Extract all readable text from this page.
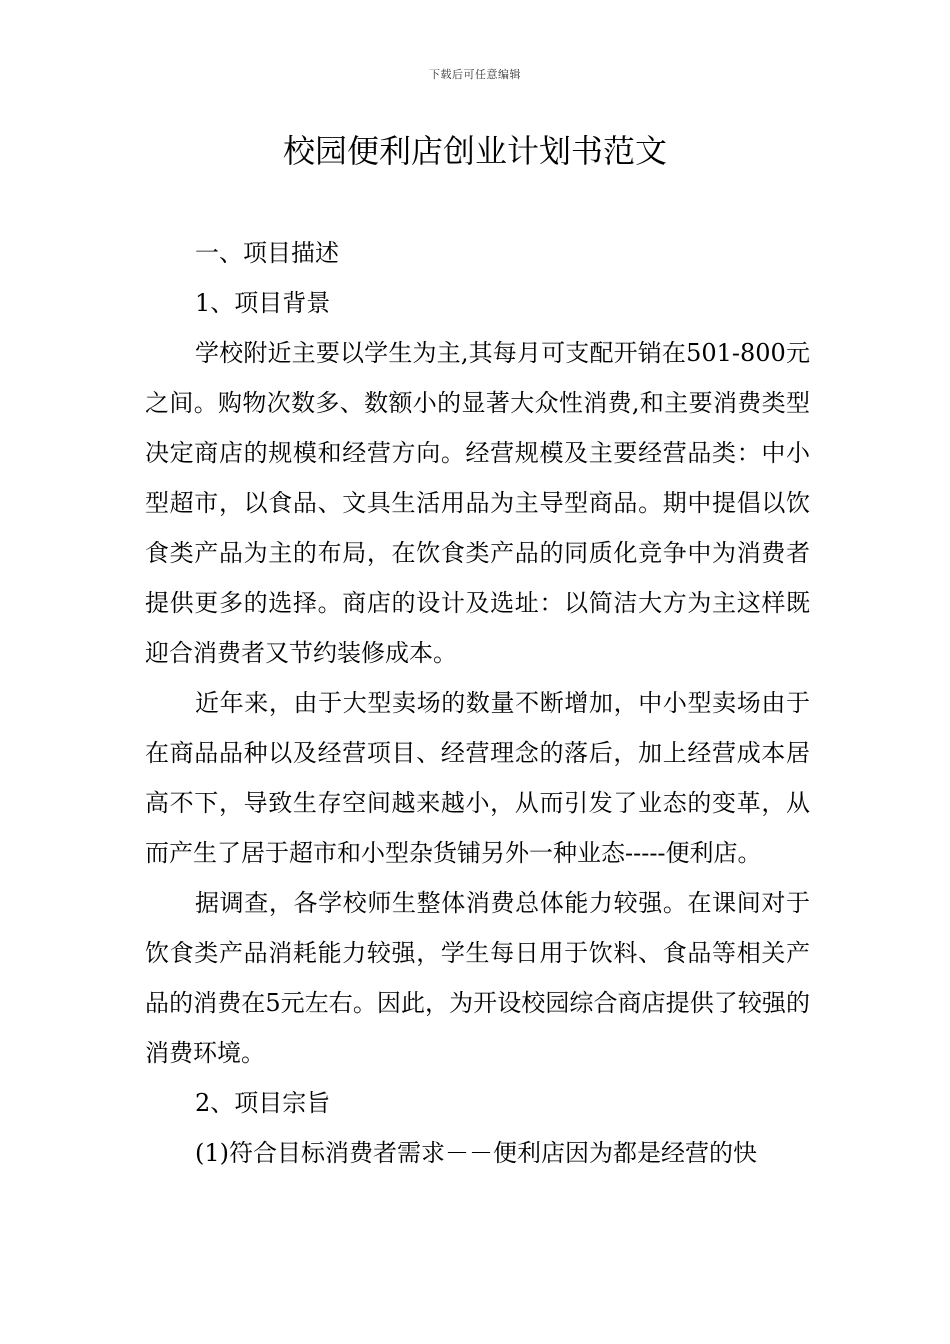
下载后可任意编辑
校园便利店创业计划书范文

一、项目描述

1、项目背景

学校附近主要以学生为主,其每月可支配开销在501-800元之间。购物次数多、数额小的显著大众性消费,和主要消费类型决定商店的规模和经营方向。经营规模及主要经营品类：中小型超市，以食品、文具生活用品为主导型商品。期中提倡以饮食类产品为主的布局，在饮食类产品的同质化竞争中为消费者提供更多的选择。商店的设计及选址：以简洁大方为主这样既迎合消费者又节约装修成本。

近年来，由于大型卖场的数量不断增加，中小型卖场由于在商品品种以及经营项目、经营理念的落后，加上经营成本居高不下，导致生存空间越来越小，从而引发了业态的变革，从而产生了居于超市和小型杂货铺另外一种业态-----便利店。

据调查，各学校师生整体消费总体能力较强。在课间对于饮食类产品消耗能力较强，学生每日用于饮料、食品等相关产品的消费在5元左右。因此，为开设校园综合商店提供了较强的消费环境。

2、项目宗旨

(1)符合目标消费者需求－－便利店因为都是经营的快
